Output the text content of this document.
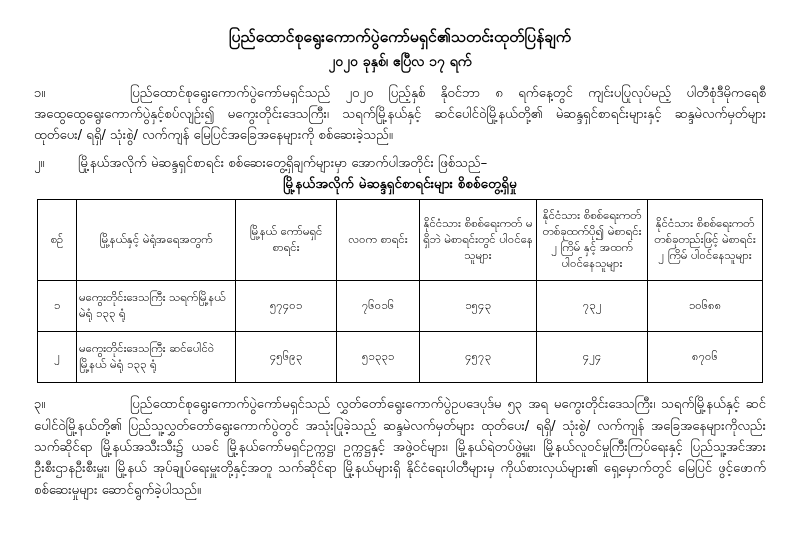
ပြည်ထောင်စုရွေးကောက်ပွဲကော်မရှင်၏သတင်းထုတ်ပြန်ချက်
၂၀၂၀ ခုနှစ်၊ ဧပြီလ ၁၇ ရက်
၁။	ပြည်ထောင်စုရွေးကောက်ပွဲကော်မရှင်သည် ၂၀၂၀ ပြည့်နှစ် နိုဝင်ဘာ ၈ ရက်နေ့တွင် ကျင်းပပြုလုပ်မည့် ပါတီစုံဒီမိုကရေစီအထွေထွေရွေးကောက်ပွဲနှင့်စပ်လျဉ်း၍ မကွေးတိုင်းဒေသကြီး၊ သရက်မြို့နယ်နှင့် ဆင်ပေါင်ဝဲမြို့နယ်တို့၏ မဲဆန္ဒရှင်စာရင်းများနှင့် ဆန္ဒမဲလက်မှတ်များ ထုတ်ပေး/ ရရှိ/ သုံးစွဲ/ လက်ကျန် မြေပြင်အခြေအနေများကို စစ်ဆေးခဲ့သည်။
၂။	မြို့နယ်အလိုက် မဲဆန္ဒရှင်စာရင်း စစ်ဆေးတွေ့ရှိချက်များမှာ အောက်ပါအတိုင်း ဖြစ်သည်–
မြို့နယ်အလိုက် မဲဆန္ဒရှင်စာရင်းများ စိစစ်တွေ့ရှိမှု
စဉ်	မြို့နယ်နှင့် မဲရုံအရေအတွက်	မြို့နယ် ကော်မရှင် စာရင်း	လဝက စာရင်း	နိုင်ငံသား စိစစ်ရေးကတ် မရှိဘဲ မဲစာရင်းတွင် ပါဝင်နေသူများ	နိုင်ငံသား စိစစ်ရေးကတ် တစ်ခုထက်ပို၍ မဲစာရင်း ၂ ကြိမ် နှင့် အထက် ပါဝင်နေသူများ	နိုင်ငံသား စိစစ်ရေးကတ် တစ်ခုတည်းဖြင့် မဲစာရင်း ၂ ကြိမ် ပါဝင်နေသူများ
၁	မကွေးတိုင်းဒေသကြီး သရက်မြို့နယ် မဲရုံ ၁၃၃ ရုံ	၅၇၄၀၁	၇၆၀၁၆	၁၅၄၃	၇၃၂	၁၀၆၈၈
၂	မကွေးတိုင်းဒေသကြီး ဆင်ပေါင်ဝဲမြို့နယ် မဲရုံ ၁၃၃ ရုံ	၄၅၆၉၃	၅၁၃၃၁	၄၅၇၃	၄၂၄	၈၇၀၆
၃။	ပြည်ထောင်စုရွေးကောက်ပွဲကော်မရှင်သည် လွှတ်တော်ရွေးကောက်ပွဲဥပဒေပုဒ်မ ၅၃ အရ မကွေးတိုင်းဒေသကြီး၊ သရက်မြို့နယ်နှင့် ဆင်ပေါင်ဝဲမြို့နယ်တို့၏ ပြည်သူ့လွှတ်တော်ရွေးကောက်ပွဲတွင် အသုံးပြုခဲ့သည့် ဆန္ဒမဲလက်မှတ်များ ထုတ်ပေး/ ရရှိ/ သုံးစွဲ/ လက်ကျန် အခြေအနေများကိုလည်း သက်ဆိုင်ရာ မြို့နယ်အသီးသီး၌ ယခင် မြို့နယ်ကော်မရှင်ဥက္ကဋ္ဌ၊ ဥက္ကဋ္ဌနှင့် အဖွဲ့ဝင်များ၊ မြို့နယ်ရဲတပ်ဖွဲ့မှူး၊ မြို့နယ်လူဝင်မှုကြီးကြပ်ရေးနှင့် ပြည်သူ့အင်အားဦးစီးဌာနဦးစီးမှူး၊ မြို့နယ် အုပ်ချုပ်ရေးမှူးတို့နှင့်အတူ သက်ဆိုင်ရာ မြို့နယ်များရှိ နိုင်ငံရေးပါတီများမှ ကိုယ်စားလှယ်များ၏ ရှေ့မှောက်တွင် မြေပြင် ဖွင့်ဖောက်စစ်ဆေးမှုများ ဆောင်ရွက်ခဲ့ပါသည်။
